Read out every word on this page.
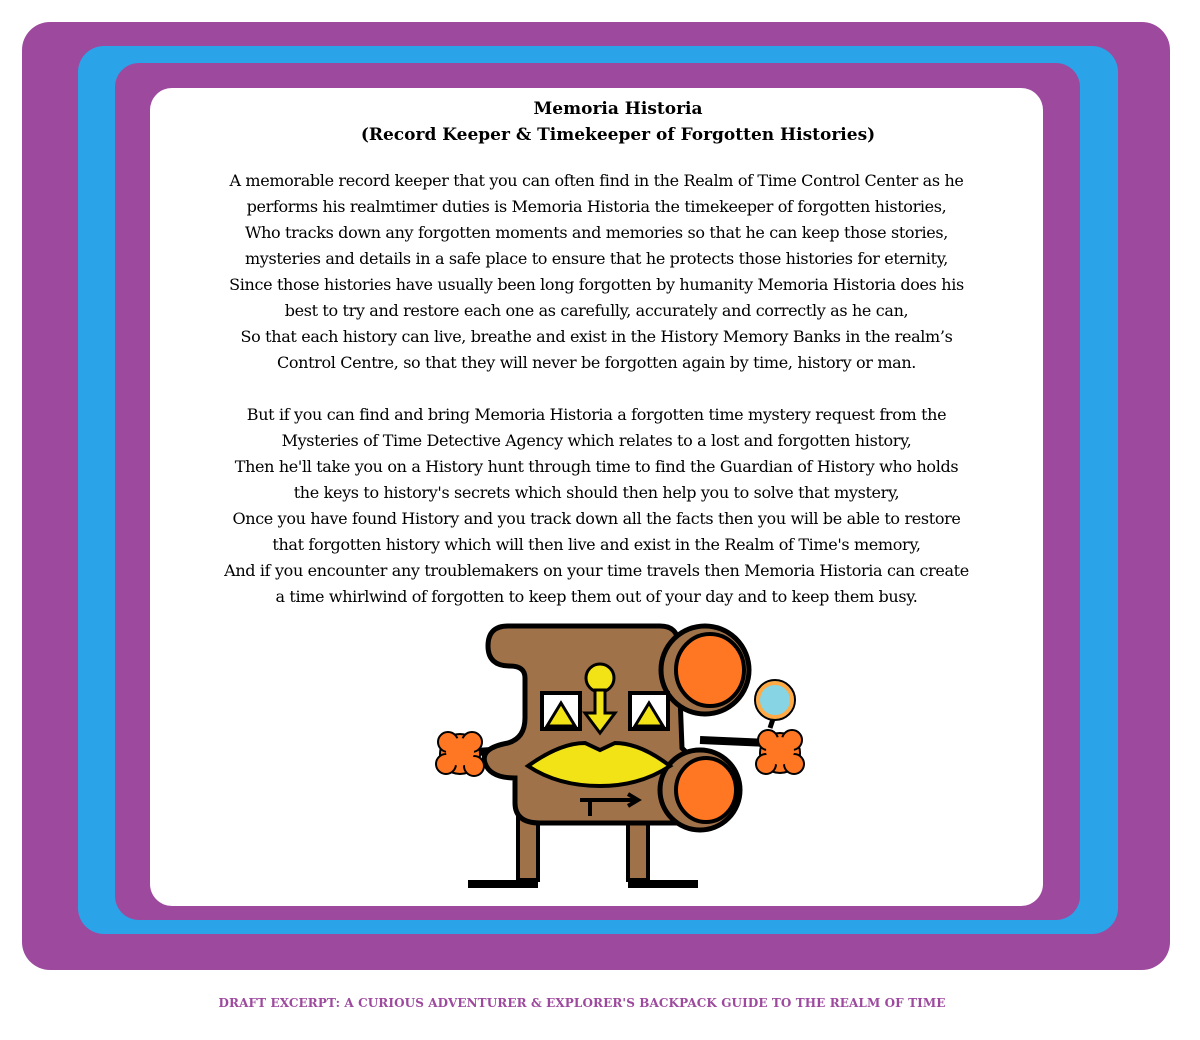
Memoria Historia
(Record Keeper & Timekeeper of Forgotten Histories)
A memorable record keeper that you can often find in the Realm of Time Control Center as he
performs his realmtimer duties is Memoria Historia the timekeeper of forgotten histories,
Who tracks down any forgotten moments and memories so that he can keep those stories,
mysteries and details in a safe place to ensure that he protects those histories for eternity,
Since those histories have usually been long forgotten by humanity Memoria Historia does his
best to try and restore each one as carefully, accurately and correctly as he can,
So that each history can live, breathe and exist in the History Memory Banks in the realm’s
Control Centre, so that they will never be forgotten again by time, history or man.
But if you can find and bring Memoria Historia a forgotten time mystery request from the
Mysteries of Time Detective Agency which relates to a lost and forgotten history,
Then he'll take you on a History hunt through time to find the Guardian of History who holds
the keys to history's secrets which should then help you to solve that mystery,
Once you have found History and you track down all the facts then you will be able to restore
that forgotten history which will then live and exist in the Realm of Time's memory,
And if you encounter any troublemakers on your time travels then Memoria Historia can create
a time whirlwind of forgotten to keep them out of your day and to keep them busy.
DRAFT EXCERPT: A CURIOUS ADVENTURER & EXPLORER'S BACKPACK GUIDE TO THE REALM OF TIME
